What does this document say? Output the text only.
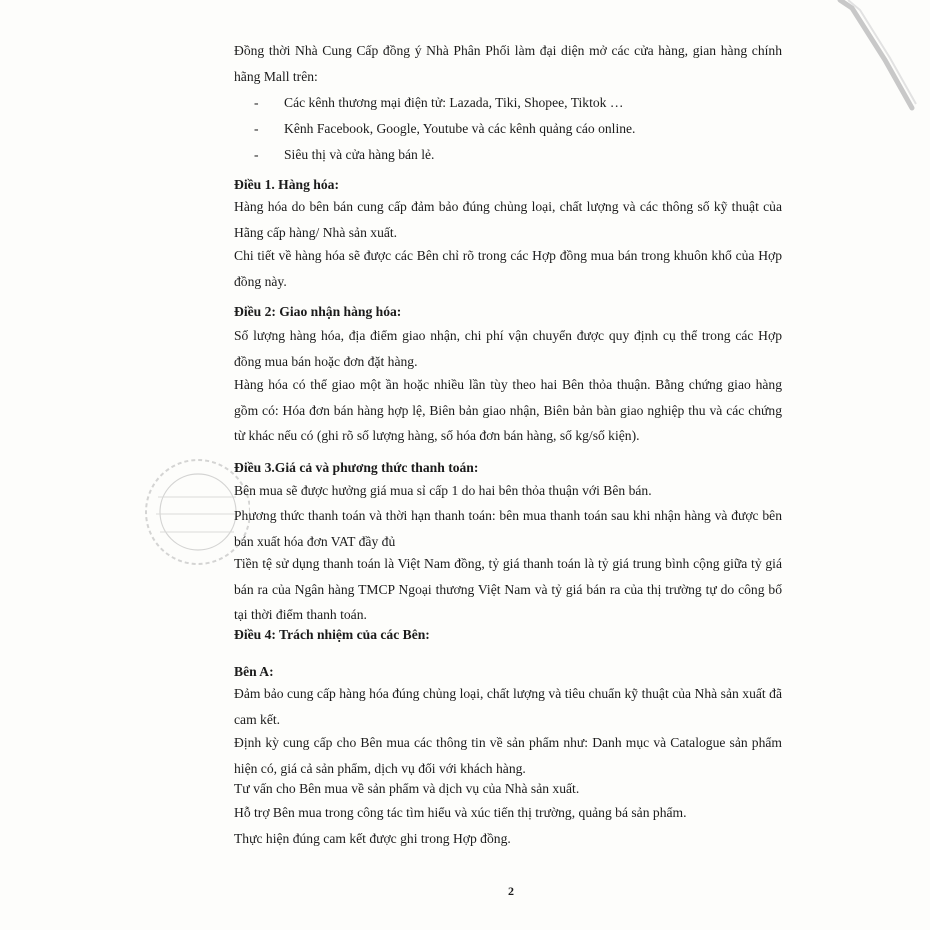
Đồng thời Nhà Cung Cấp đồng ý Nhà Phân Phối làm đại diện mở các cửa hàng, gian hàng chính hãng Mall trên:

- Các kênh thương mại điện tử: Lazada, Tiki, Shopee, Tiktok …
- Kênh Facebook, Google, Youtube và các kênh quảng cáo online.
- Siêu thị và cửa hàng bán lẻ.
Điều 1. Hàng hóa:

Hàng hóa do bên bán cung cấp đảm bảo đúng chủng loại, chất lượng và các thông số kỹ thuật của Hãng cấp hàng/ Nhà sản xuất.

Chi tiết về hàng hóa sẽ được các Bên chỉ rõ trong các Hợp đồng mua bán trong khuôn khổ của Hợp đồng này.

Điều 2: Giao nhận hàng hóa:

Số lượng hàng hóa, địa điểm giao nhận, chi phí vận chuyển được quy định cụ thể trong các Hợp đồng mua bán hoặc đơn đặt hàng.

Hàng hóa có thể giao một ần hoặc nhiều lần tùy theo hai Bên thỏa thuận. Bằng chứng giao hàng gồm có: Hóa đơn bán hàng hợp lệ, Biên bản giao nhận, Biên bản bàn giao nghiệp thu và các chứng từ khác nếu có (ghi rõ số lượng hàng, số hóa đơn bán hàng, số kg/số kiện).

Điều 3.Giá cả và phương thức thanh toán:

Bên mua sẽ được hưởng giá mua sỉ cấp 1 do hai bên thỏa thuận với Bên bán.

Phương thức thanh toán và thời hạn thanh toán: bên mua thanh toán sau khi nhận hàng và được bên bán xuất hóa đơn VAT đầy đủ

Tiền tệ sử dụng thanh toán là Việt Nam đồng, tỷ giá thanh toán là tỷ giá trung bình cộng giữa tỷ giá bán ra của Ngân hàng TMCP Ngoại thương Việt Nam và tỷ giá bán ra của thị trường tự do công bố tại thời điểm thanh toán.

Điều 4: Trách nhiệm của các Bên:
Bên A:

Đảm bảo cung cấp hàng hóa đúng chủng loại, chất lượng và tiêu chuẩn kỹ thuật của Nhà sản xuất đã cam kết.

Định kỳ cung cấp cho Bên mua các thông tin về sản phẩm như: Danh mục và Catalogue sản phẩm hiện có, giá cả sản phẩm, dịch vụ đối với khách hàng.

Tư vấn cho Bên mua về sản phẩm và dịch vụ của Nhà sản xuất.

Hỗ trợ Bên mua trong công tác tìm hiểu và xúc tiến thị trường, quảng bá sản phẩm.

Thực hiện đúng cam kết được ghi trong Hợp đồng.

2
